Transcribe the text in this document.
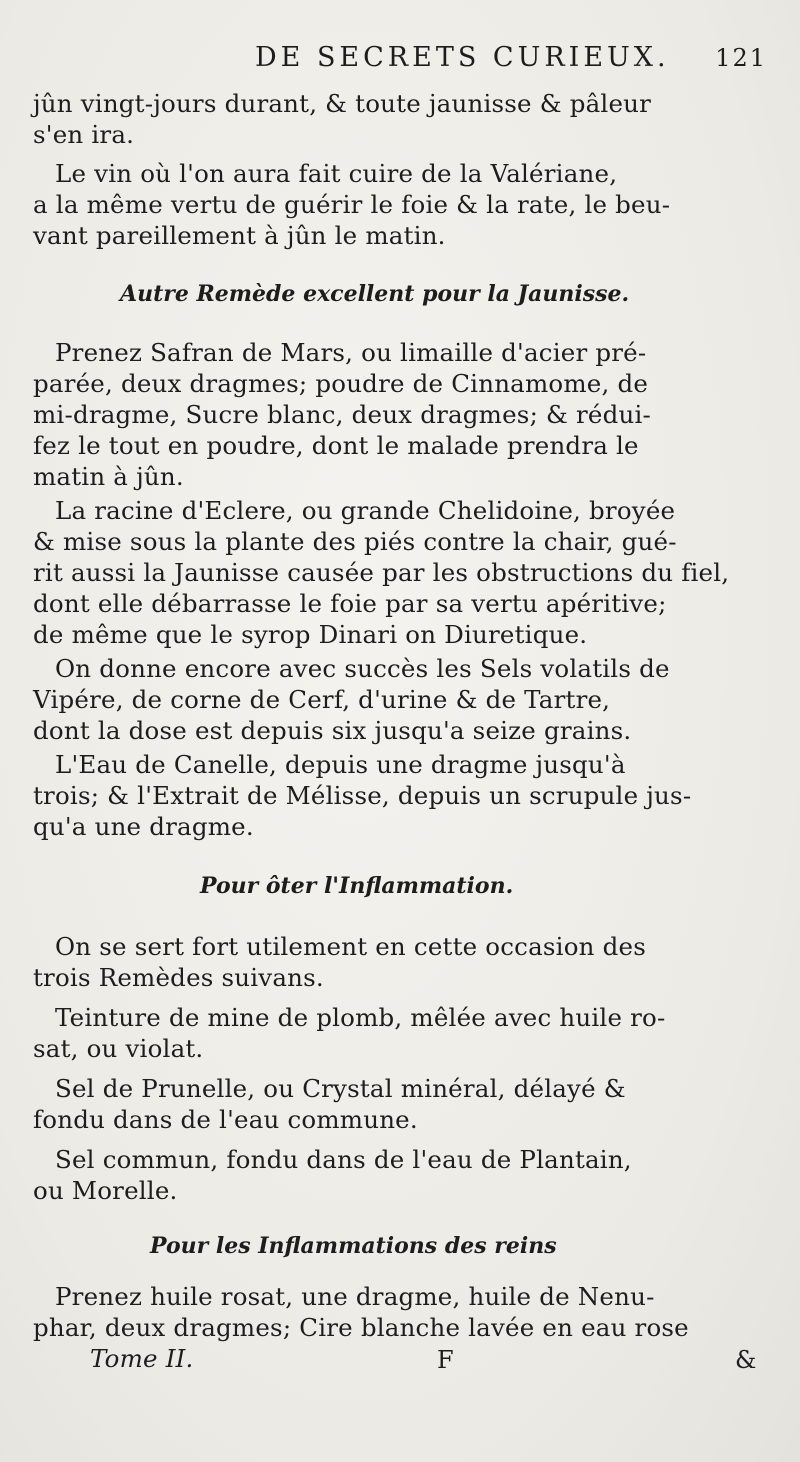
DE SECRETS CURIEUX. 121
jûn vingt-jours durant, & toute jaunisse & pâleur
s'en ira.
Le vin où l'on aura fait cuire de la Valériane,
a la même vertu de guérir le foie & la rate, le beu-
vant pareillement à jûn le matin.
Autre Remède excellent pour la Jaunisse.
Prenez Safran de Mars, ou limaille d'acier pré-
parée, deux dragmes; poudre de Cinnamome, de
mi-dragme, Sucre blanc, deux dragmes; & rédui-
fez le tout en poudre, dont le malade prendra le
matin à jûn.
La racine d'Eclere, ou grande Chelidoine, broyée
& mise sous la plante des piés contre la chair, gué-
rit aussi la Jaunisse causée par les obstructions du fiel,
dont elle débarrasse le foie par sa vertu apéritive;
de même que le syrop Dinari on Diuretique.
On donne encore avec succès les Sels volatils de
Vipére, de corne de Cerf, d'urine & de Tartre,
dont la dose est depuis six jusqu'a seize grains.
L'Eau de Canelle, depuis une dragme jusqu'à
trois; & l'Extrait de Mélisse, depuis un scrupule jus-
qu'a une dragme.
Pour ôter l'Inflammation.
On se sert fort utilement en cette occasion des
trois Remèdes suivans.
Teinture de mine de plomb, mêlée avec huile ro-
sat, ou violat.
Sel de Prunelle, ou Crystal minéral, délayé &
fondu dans de l'eau commune.
Sel commun, fondu dans de l'eau de Plantain,
ou Morelle.
Pour les Inflammations des reins
Prenez huile rosat, une dragme, huile de Nenu-
phar, deux dragmes; Cire blanche lavée en eau rose
Tome II.	F	&
